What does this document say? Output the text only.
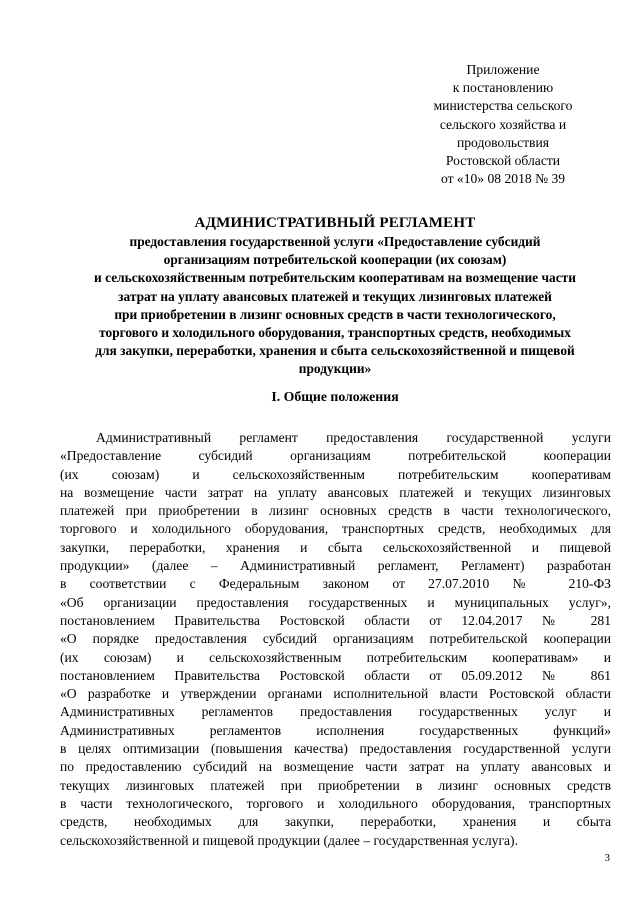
Приложение
к постановлению
министерства сельского
сельского хозяйства и
продовольствия
Ростовской области
от «10» 08 2018 № 39
АДМИНИСТРАТИВНЫЙ РЕГЛАМЕНТ
предоставления государственной услуги «Предоставление субсидий
организациям потребительской кооперации (их союзам)
и сельскохозяйственным потребительским кооперативам на возмещение части
затрат на уплату авансовых платежей и текущих лизинговых платежей
при приобретении в лизинг основных средств в части технологического,
торгового и холодильного оборудования, транспортных средств, необходимых
для закупки, переработки, хранения и сбыта сельскохозяйственной и пищевой
продукции»
I. Общие положения
Административный регламент предоставления государственной услуги
«Предоставление субсидий организациям потребительской кооперации
(их союзам) и сельскохозяйственным потребительским кооперативам
на возмещение части затрат на уплату авансовых платежей и текущих лизинговых
платежей при приобретении в лизинг основных средств в части технологического,
торгового и холодильного оборудования, транспортных средств, необходимых для
закупки, переработки, хранения и сбыта сельскохозяйственной и пищевой
продукции» (далее – Административный регламент, Регламент) разработан
в соответствии с Федеральным законом от 27.07.2010 № 210-ФЗ
«Об организации предоставления государственных и муниципальных услуг»,
постановлением Правительства Ростовской области от 12.04.2017 № 281
«О порядке предоставления субсидий организациям потребительской кооперации
(их союзам) и сельскохозяйственным потребительским кооперативам» и
постановлением Правительства Ростовской области от 05.09.2012 № 861
«О разработке и утверждении органами исполнительной власти Ростовской области
Административных регламентов предоставления государственных услуг и
Административных регламентов исполнения государственных функций»
в целях оптимизации (повышения качества) предоставления государственной услуги
по предоставлению субсидий на возмещение части затрат на уплату авансовых и
текущих лизинговых платежей при приобретении в лизинг основных средств
в части технологического, торгового и холодильного оборудования, транспортных
средств, необходимых для закупки, переработки, хранения и сбыта
сельскохозяйственной и пищевой продукции (далее – государственная услуга).
3
